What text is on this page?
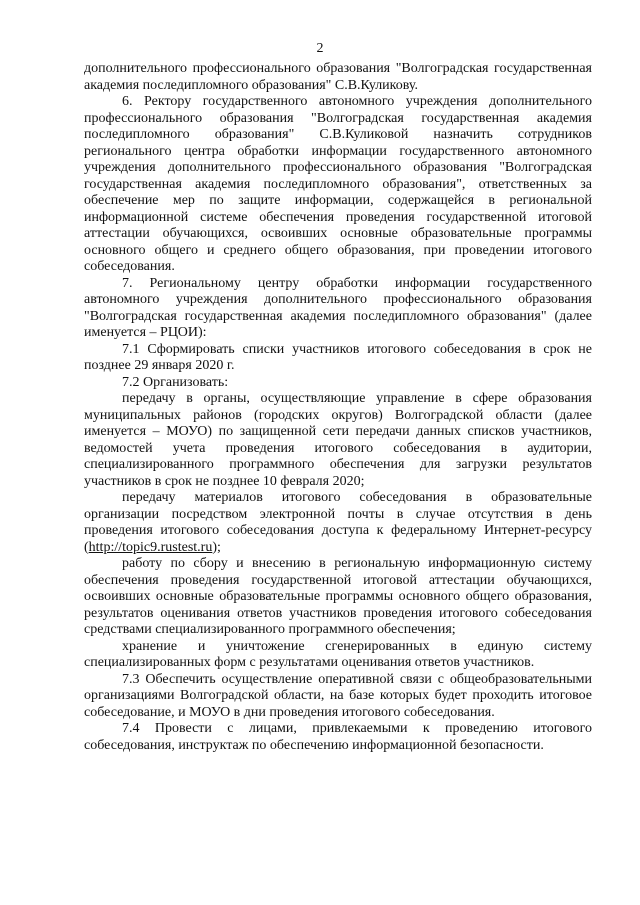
2

дополнительного профессионального образования "Волгоградская государственная академия последипломного образования" С.В.Куликову.

6. Ректору государственного автономного учреждения дополнительного профессионального образования "Волгоградская государственная академия последипломного образования" С.В.Куликовой назначить сотрудников регионального центра обработки информации государственного автономного учреждения дополнительного профессионального образования "Волгоградская государственная академия последипломного образования", ответственных за обеспечение мер по защите информации, содержащейся в региональной информационной системе обеспечения проведения государственной итоговой аттестации обучающихся, освоивших основные образовательные программы основного общего и среднего общего образования, при проведении итогового собеседования.

7. Региональному центру обработки информации государственного автономного учреждения дополнительного профессионального образования "Волгоградская государственная академия последипломного образования" (далее именуется – РЦОИ):

7.1 Сформировать списки участников итогового собеседования в срок не позднее 29 января 2020 г.

7.2 Организовать:

передачу в органы, осуществляющие управление в сфере образования муниципальных районов (городских округов) Волгоградской области (далее именуется – МОУО) по защищенной сети передачи данных списков участников, ведомостей учета проведения итогового собеседования в аудитории, специализированного программного обеспечения для загрузки результатов участников в срок не позднее 10 февраля 2020;

передачу материалов итогового собеседования в образовательные организации посредством электронной почты в случае отсутствия в день проведения итогового собеседования доступа к федеральному Интернет-ресурсу (http://topic9.rustest.ru);

работу по сбору и внесению в региональную информационную систему обеспечения проведения государственной итоговой аттестации обучающихся, освоивших основные образовательные программы основного общего образования, результатов оценивания ответов участников проведения итогового собеседования средствами специализированного программного обеспечения;

хранение и уничтожение сгенерированных в единую систему специализированных форм с результатами оценивания ответов участников.

7.3 Обеспечить осуществление оперативной связи с общеобразовательными организациями Волгоградской области, на базе которых будет проходить итоговое собеседование, и МОУО в дни проведения итогового собеседования.

7.4 Провести с лицами, привлекаемыми к проведению итогового собеседования, инструктаж по обеспечению информационной безопасности.
